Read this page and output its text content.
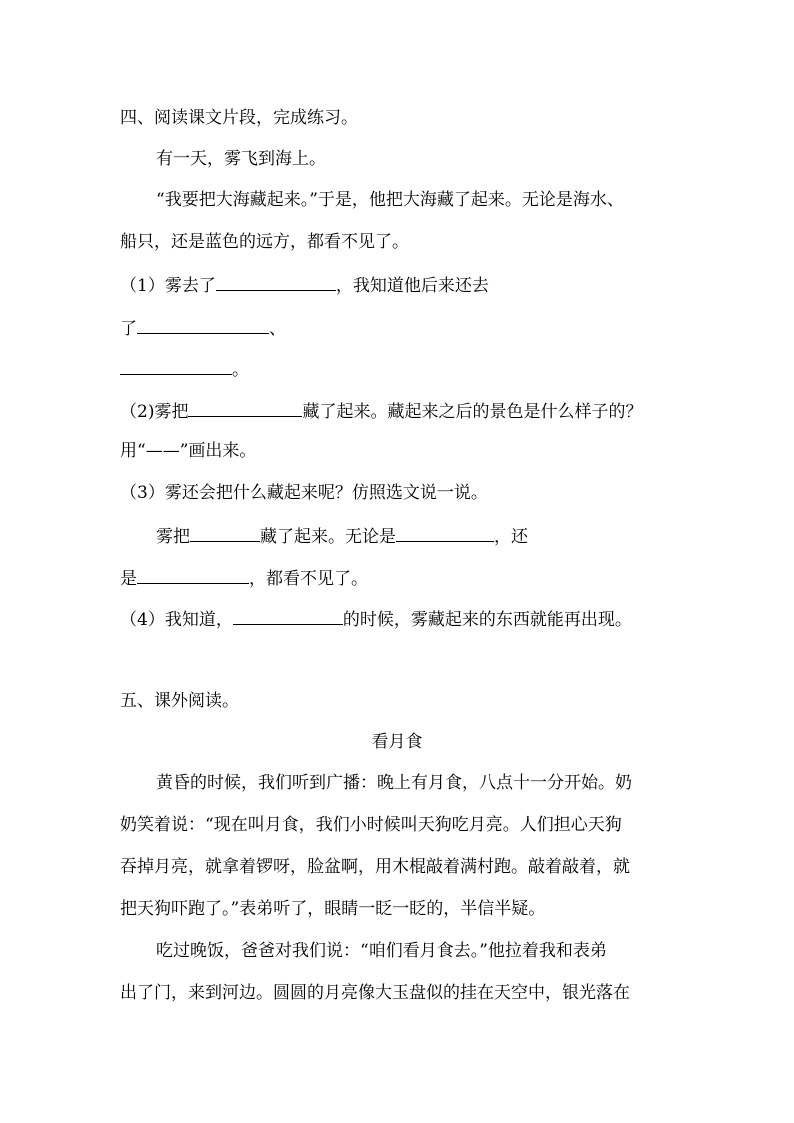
四、阅读课文片段，完成练习。
有一天，雾飞到海上。
“我要把大海藏起来。”于是，他把大海藏了起来。无论是海水、
船只，还是蓝色的远方，都看不见了。
（1）雾去了	，我知道他后来还去
了	、
。
（2)雾把	藏了起来。藏起来之后的景色是什么样子的？
用“——”画出来。
（3）雾还会把什么藏起来呢？仿照选文说一说。
雾把	藏了起来。无论是	，还
是	，都看不见了。
（4）我知道，	的时候，雾藏起来的东西就能再出现。
五、课外阅读。
看月食
黄昏的时候，我们听到广播：晚上有月食，八点十一分开始。奶
奶笑着说：“现在叫月食，我们小时候叫天狗吃月亮。人们担心天狗
吞掉月亮，就拿着锣呀，脸盆啊，用木棍敲着满村跑。敲着敲着，就
把天狗吓跑了。”表弟听了，眼睛一眨一眨的，半信半疑。
吃过晚饭，爸爸对我们说：“咱们看月食去。”他拉着我和表弟
出了门，来到河边。圆圆的月亮像大玉盘似的挂在天空中，银光落在
